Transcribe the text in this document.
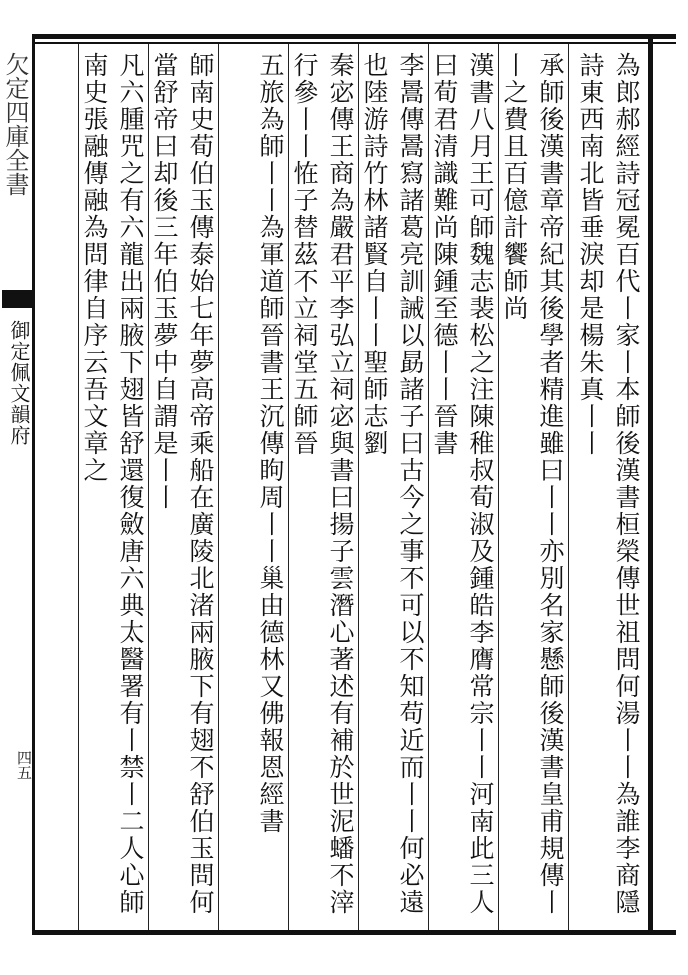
為郎郝經詩冠冕百代丨家丨本師後漢書桓榮傳世祖問何湯丨丨為誰李商隱詩東西南北皆垂淚却是楊朱真丨丨
承師後漢書章帝紀其後學者精進雖曰丨丨亦別名家懸師後漢書皇甫規傳丨丨之費且百億計饗師尚
漢書八月王可師魏志裴松之注陳稚叔荀淑及鍾皓李膺常宗丨丨河南此三人曰荀君清識難尚陳鍾至德丨丨晉書
李暠傳暠寫諸葛亮訓誡以勗諸子曰古今之事不可以不知苟近而丨丨何必遠也陸游詩竹林諸賢自丨丨聖師志劉
秦宓傳王商為嚴君平李弘立祠宓與書曰揚子雲潛心著述有補於世泥蟠不滓行參丨丨恠子替茲不立祠堂五師晉
五旅為師丨丨為軍道師晉書王沉傳眗周丨丨巢由德林又佛報恩經書
師南史荀伯玉傳泰始七年夢高帝乘船在廣陵北渚兩腋下有翅不舒伯玉問何當舒帝曰却後三年伯玉夢中自謂是丨丨
凡六腫咒之有六龍出兩腋下翅皆舒還復斂唐六典太醫署有丨禁丨二人心師南史張融傳融為問律自序云吾文章之
欠定四庫全書
御定佩文韻府
四五
